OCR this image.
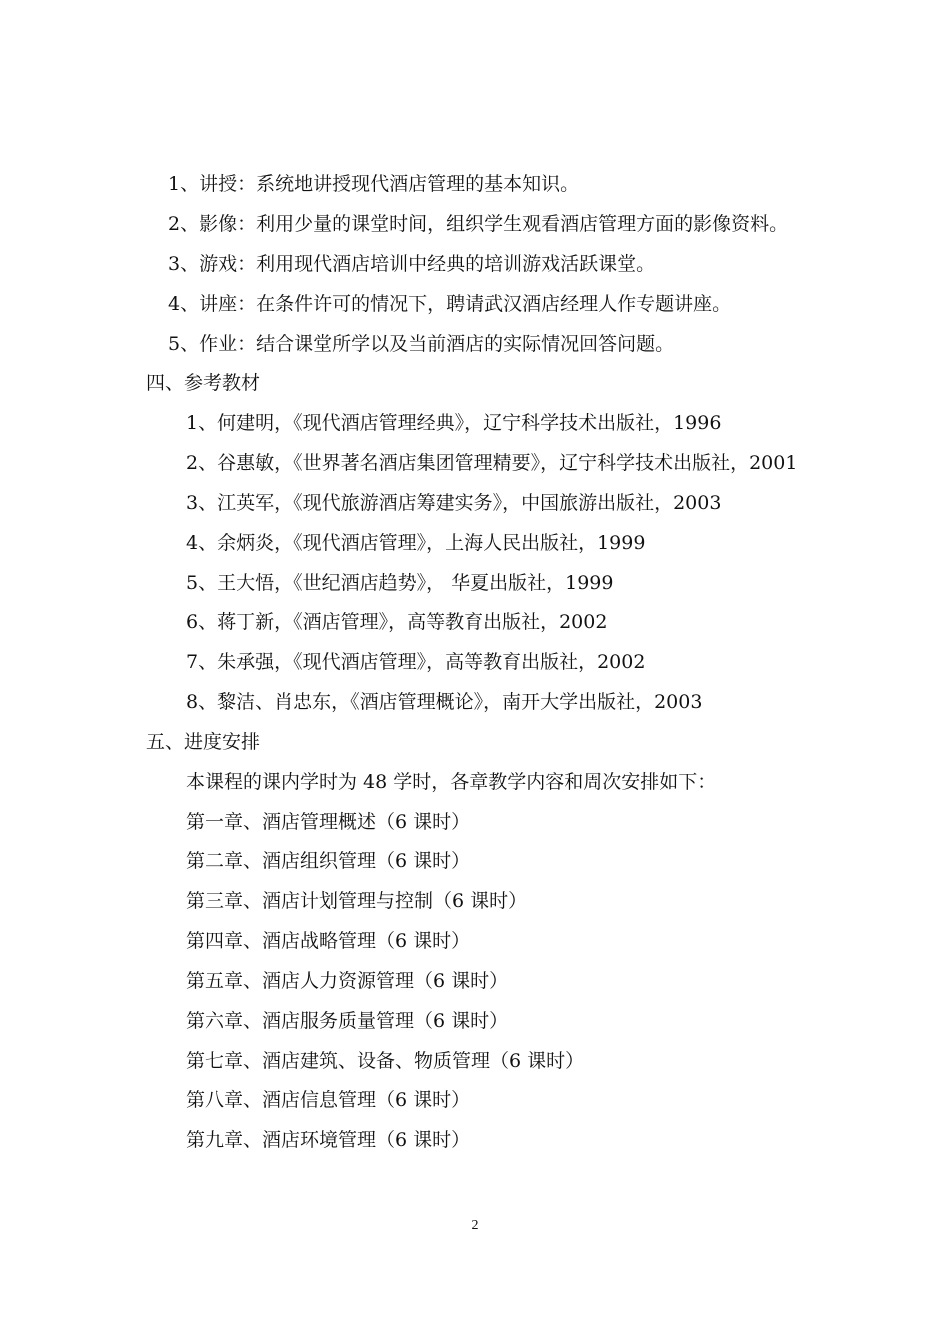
1、讲授：系统地讲授现代酒店管理的基本知识。
2、影像：利用少量的课堂时间，组织学生观看酒店管理方面的影像资料。
3、游戏：利用现代酒店培训中经典的培训游戏活跃课堂。
4、讲座：在条件许可的情况下，聘请武汉酒店经理人作专题讲座。
5、作业：结合课堂所学以及当前酒店的实际情况回答问题。
四、参考教材
1、何建明，《现代酒店管理经典》，辽宁科学技术出版社，1996
2、谷惠敏，《世界著名酒店集团管理精要》，辽宁科学技术出版社，2001
3、江英军，《现代旅游酒店筹建实务》，中国旅游出版社，2003
4、余炳炎，《现代酒店管理》，上海人民出版社，1999
5、王大悟，《世纪酒店趋势》， 华夏出版社，1999
6、蒋丁新，《酒店管理》，高等教育出版社，2002
7、朱承强，《现代酒店管理》，高等教育出版社，2002
8、黎洁、肖忠东，《酒店管理概论》，南开大学出版社，2003
五、进度安排
本课程的课内学时为 48 学时，各章教学内容和周次安排如下：
第一章、酒店管理概述（6 课时）
第二章、酒店组织管理（6 课时）
第三章、酒店计划管理与控制（6 课时）
第四章、酒店战略管理（6 课时）
第五章、酒店人力资源管理（6 课时）
第六章、酒店服务质量管理（6 课时）
第七章、酒店建筑、设备、物质管理（6 课时）
第八章、酒店信息管理（6 课时）
第九章、酒店环境管理（6 课时）
2
